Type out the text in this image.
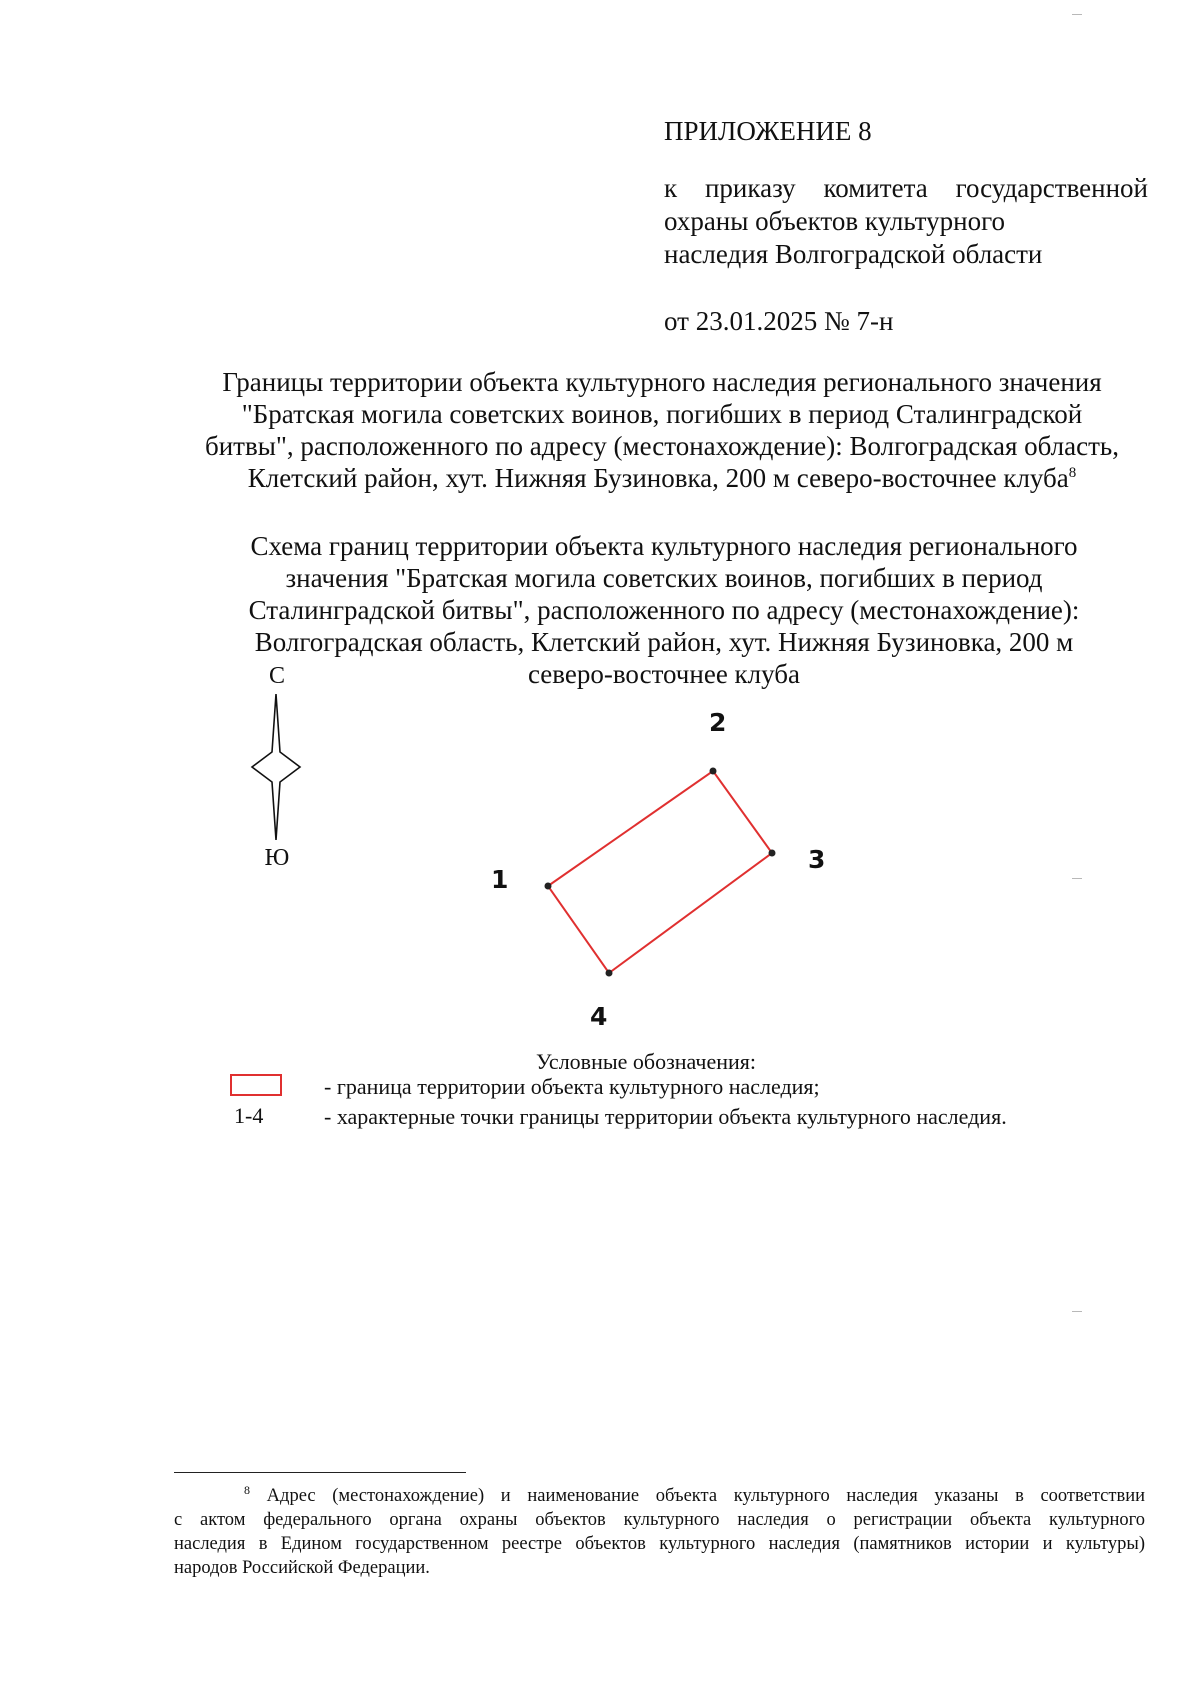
ПРИЛОЖЕНИЕ 8
к приказу комитета государственной
охраны объектов культурного
наследия Волгоградской области
от 23.01.2025 № 7-н
Границы территории объекта культурного наследия регионального значения
"Братская могила советских воинов, погибших в период Сталинградской
битвы", расположенного по адресу (местонахождение): Волгоградская область,
Клетский район, хут. Нижняя Бузиновка, 200 м северо-восточнее клуба$^8$
Схема границ территории объекта культурного наследия регионального
значения "Братская могила советских воинов, погибших в период
Сталинградской битвы", расположенного по адресу (местонахождение):
Волгоградская область, Клетский район, хут. Нижняя Бузиновка, 200 м
северо-восточнее клуба
С
Ю
1
2
3
4
Условные обозначения:
- граница территории объекта культурного наследия;
1-4	- характерные точки границы территории объекта культурного наследия.
$^8$ Адрес (местонахождение) и наименование объекта культурного наследия указаны в соответствии
с актом федерального органа охраны объектов культурного наследия о регистрации объекта культурного
наследия в Едином государственном реестре объектов культурного наследия (памятников истории и культуры)
народов Российской Федерации.
